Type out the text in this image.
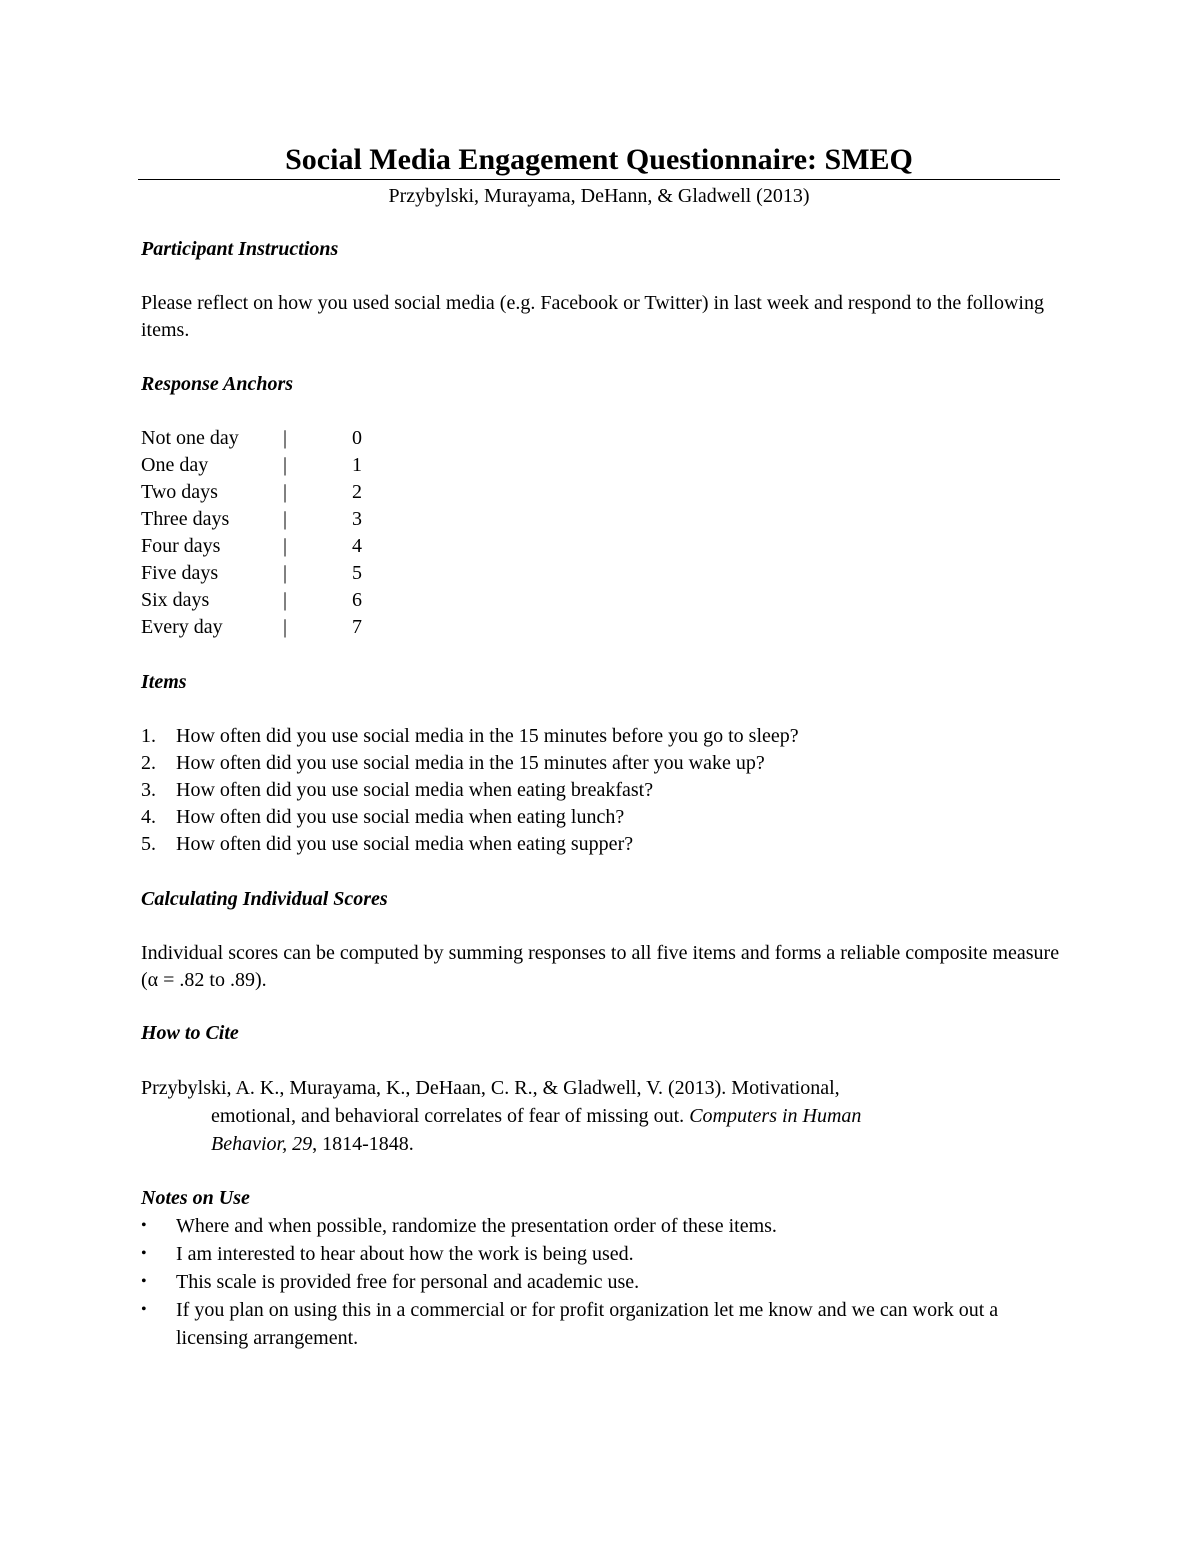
Social Media Engagement Questionnaire: SMEQ
Przybylski, Murayama, DeHann, & Gladwell (2013)
Participant Instructions
Please reflect on how you used social media (e.g. Facebook or Twitter) in last week and respond to the following items.
Response Anchors
Not one day |	0
One day	|	1
Two days	|	2
Three days	|	3
Four days	|	4
Five days	|	5
Six days	|	6
Every day	|	7
Items
1. How often did you use social media in the 15 minutes before you go to sleep?
2. How often did you use social media in the 15 minutes after you wake up?
3. How often did you use social media when eating breakfast?
4. How often did you use social media when eating lunch?
5. How often did you use social media when eating supper?
Calculating Individual Scores
Individual scores can be computed by summing responses to all five items and forms a reliable composite measure (α = .82 to .89).
How to Cite
Przybylski, A. K., Murayama, K., DeHaan, C. R., & Gladwell, V. (2013). Motivational,
emotional, and behavioral correlates of fear of missing out. Computers in Human
Behavior, 29, 1814-1848.
Notes on Use
• Where and when possible, randomize the presentation order of these items.
• I am interested to hear about how the work is being used.
• This scale is provided free for personal and academic use.
• If you plan on using this in a commercial or for profit organization let me know and we can work out a licensing arrangement.
